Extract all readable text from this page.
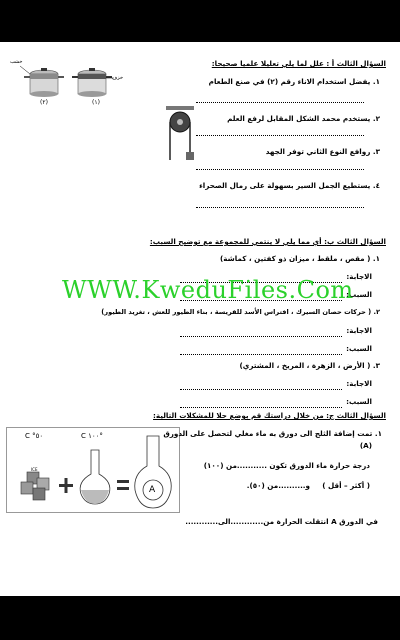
السؤال الثالث أ : علل لما يلي تعليلا علميا صحيحا:
خشب
خزف
(٢)	(١)
١. يفضل استخدام الاناء رقم (٢) في صنع الطعام
٢. يستخدم محمد الشكل المقابل لرفع العلم
٣. روافع النوع الثاني توفر الجهد
٤. يستطيع الجمل السير بسهولة على رمال الصحراء
السؤال الثالث ب: أي مما يلي لا ينتمي للمجموعة مع توضيح السبب:
١. ( مقص ، ملقط ، ميزان ذو كفتين ، كماشة)
الاجابة:
السبب:
٢. ( حركات حصان السيرك ، افتراس الأسد للفريسة ، بناء الطيور للعش ، تغريد الطيور)
الاجابة:
السبب:
٣. ( الأرض ، الزهرة ، المريخ ، المشتري)
الاجابة:
السبب:
WWW.KweduFiles.Com
السؤال الثالث ج: من خلال دراستك قم بوضع حلا للمشكلات التالية:
C °٥٠	C ١٠٠°
ICE
A
١. تمت إضافة الثلج الى دورق به ماء مغلي لتحصل على الدورق
(A)
درجة حرارة ماء الدورق تكون ...........من (١٠٠)
و..........من (٥٠). ( أكثر – أقل )
في الدورق A انتقلت الحرارة من............الى............
